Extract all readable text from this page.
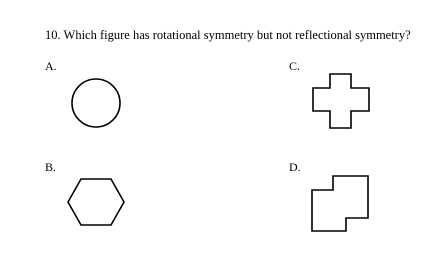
10. Which figure has rotational symmetry but not reflectional symmetry?
A.
B.
C.
D.
